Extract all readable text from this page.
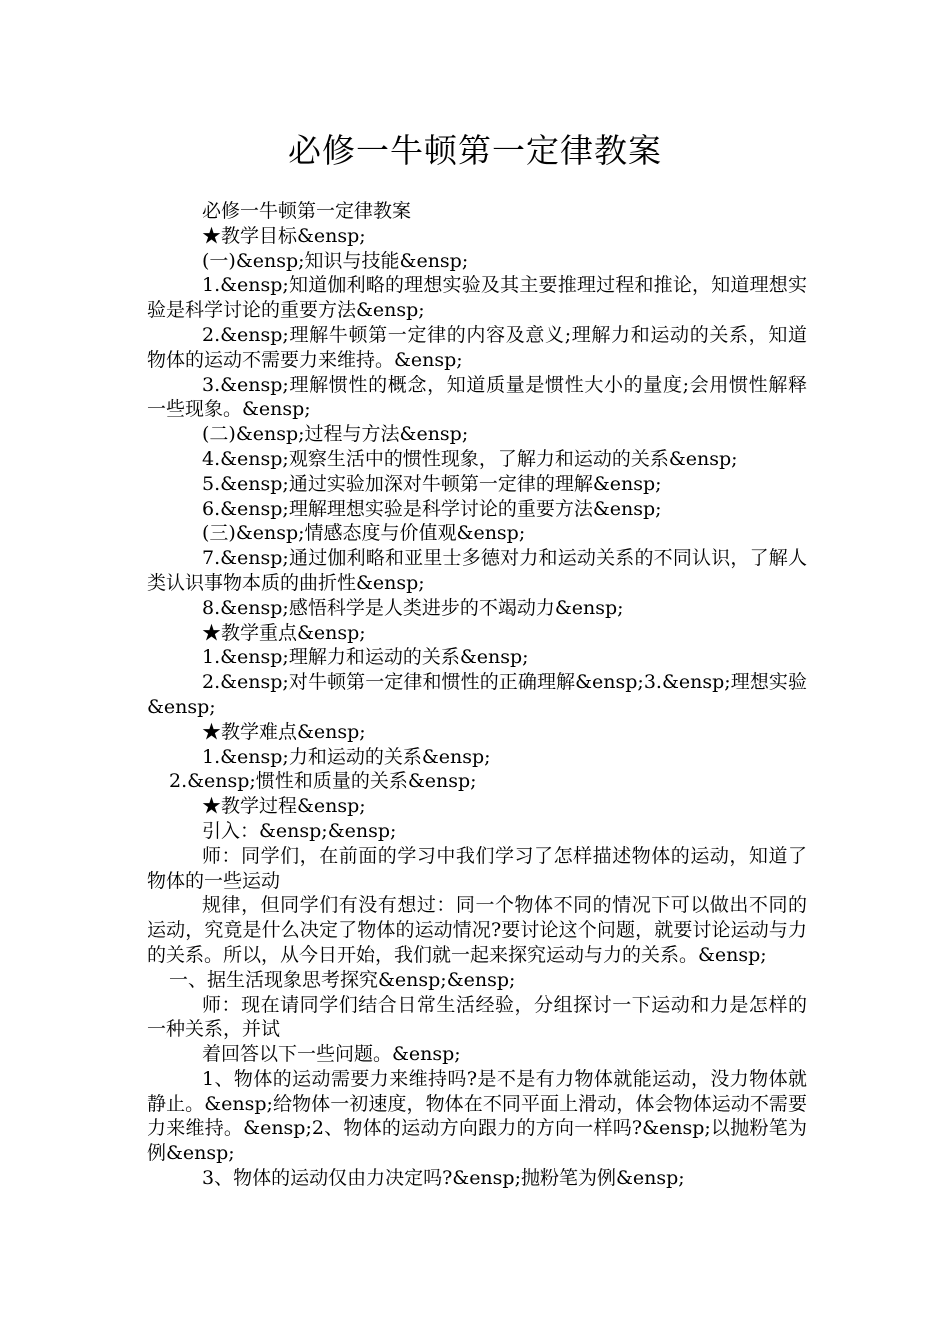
必修一牛顿第一定律教案

必修一牛顿第一定律教案

★教学目标&ensp;

(一)&ensp;知识与技能&ensp;

1.&ensp;知道伽利略的理想实验及其主要推理过程和推论，知道理想实验是科学讨论的重要方法&ensp;

2.&ensp;理解牛顿第一定律的内容及意义;理解力和运动的关系，知道物体的运动不需要力来维持。&ensp;

3.&ensp;理解惯性的概念，知道质量是惯性大小的量度;会用惯性解释一些现象。&ensp;

(二)&ensp;过程与方法&ensp;

4.&ensp;观察生活中的惯性现象，了解力和运动的关系&ensp;

5.&ensp;通过实验加深对牛顿第一定律的理解&ensp;

6.&ensp;理解理想实验是科学讨论的重要方法&ensp;

(三)&ensp;情感态度与价值观&ensp;

7.&ensp;通过伽利略和亚里士多德对力和运动关系的不同认识，了解人类认识事物本质的曲折性&ensp;

8.&ensp;感悟科学是人类进步的不竭动力&ensp;

★教学重点&ensp;

1.&ensp;理解力和运动的关系&ensp;

2.&ensp;对牛顿第一定律和惯性的正确理解&ensp;3.&ensp;理想实验&ensp;

★教学难点&ensp;

1.&ensp;力和运动的关系&ensp;

2.&ensp;惯性和质量的关系&ensp;

★教学过程&ensp;

引入：&ensp;&ensp;

师：同学们，在前面的学习中我们学习了怎样描述物体的运动，知道了物体的一些运动

规律，但同学们有没有想过：同一个物体不同的情况下可以做出不同的运动，究竟是什么决定了物体的运动情况?要讨论这个问题，就要讨论运动与力的关系。所以，从今日开始，我们就一起来探究运动与力的关系。&ensp;

一、据生活现象思考探究&ensp;&ensp;

师：现在请同学们结合日常生活经验，分组探讨一下运动和力是怎样的一种关系，并试

着回答以下一些问题。&ensp;

1、物体的运动需要力来维持吗?是不是有力物体就能运动，没力物体就静止。&ensp;给物体一初速度，物体在不同平面上滑动，体会物体运动不需要力来维持。&ensp;2、物体的运动方向跟力的方向一样吗?&ensp;以抛粉笔为例&ensp;

3、物体的运动仅由力决定吗?&ensp;抛粉笔为例&ensp;
